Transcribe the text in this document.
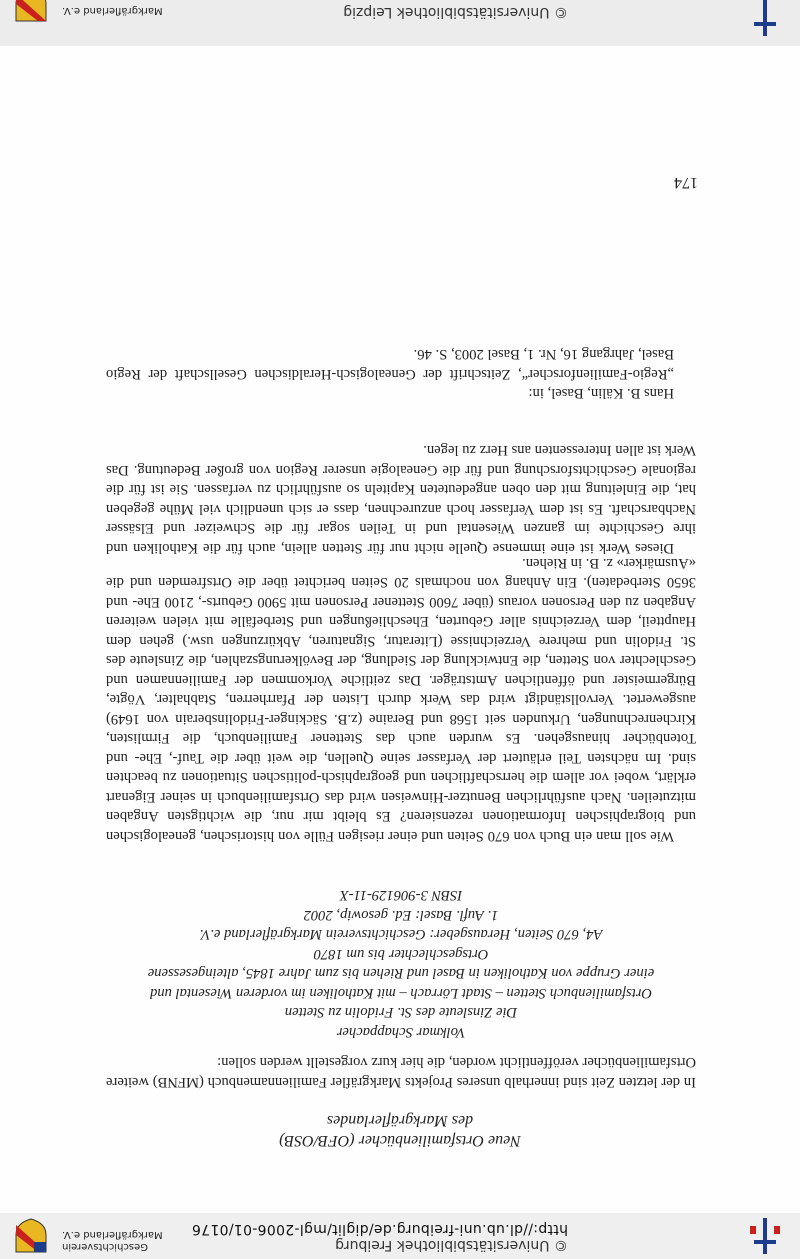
© Universitätsbibliothek Freiburg
http://dl.ub.uni-freiburg.de/diglit/mgl-2006-01/0176
Geschichtsverein
Markgräflerland e.V.
Neue Ortsfamilienbücher (OFB/OSB)
des Markgräflerlandes

In der letzten Zeit sind innerhalb unseres Projekts Markgräfler Familiennamenbuch (MFNB) weitere Ortsfamilienbücher veröffentlicht worden, die hier kurz vorgestellt werden sollen:

Volkmar Schappacher
Die Zinsleute des St. Fridolin zu Stetten
Ortsfamilienbuch Stetten – Stadt Lörrach – mit Katholiken im vorderen Wiesental und
einer Gruppe von Katholiken in Basel und Riehen bis zum Jahre 1845, alteingesessene
Ortsgeschlechter bis um 1870
A4, 670 Seiten, Herausgeber: Geschichtsverein Markgräflerland e.V.
1. Aufl. Basel: Ed. gesowip, 2002
ISBN 3-906129-11-X

Wie soll man ein Buch von 670 Seiten und einer riesigen Fülle von historischen, genealogischen und biographischen Informationen rezensieren? Es bleibt mir nur, die wichtigsten Angaben mitzuteilen. Nach ausführlichen Benutzer-Hinweisen wird das Ortsfamilienbuch in seiner Eigenart erklärt, wobei vor allem die herrschaftlichen und geographisch-politischen Situationen zu beachten sind. Im nächsten Teil erläutert der Verfasser seine Quellen, die weit über die Tauf-, Ehe- und Totenbücher hinausgehen. Es wurden auch das Stettener Familienbuch, die Firmlisten, Kirchenrechnungen, Urkunden seit 1568 und Beraine (z.B. Säckinger-Fridolinsberain von 1649) ausgewertet. Vervollständigt wird das Werk durch Listen der Pfarrherren, Stabhalter, Vögte, Bürgermeister und öffentlichen Amtsträger. Das zeitliche Vorkommen der Familiennamen und Geschlechter von Stetten, die Entwicklung der Siedlung, der Bevölkerungszahlen, die Zinsleute des St. Fridolin und mehrere Verzeichnisse (Literatur, Signaturen, Abkürzungen usw.) gehen dem Hauptteil, dem Verzeichnis aller Geburten, Eheschließungen und Sterbefälle mit vielen weiteren Angaben zu den Personen voraus (über 7600 Stettener Personen mit 5900 Geburts-, 2100 Ehe- und 3650 Sterbedaten). Ein Anhang von nochmals 20 Seiten berichtet über die Ortsfremden und die «Ausmärker» z. B. in Riehen.

Dieses Werk ist eine immense Quelle nicht nur für Stetten allein, auch für die Katholiken und ihre Geschichte im ganzen Wiesental und in Teilen sogar für die Schweizer und Elsässer Nachbarschaft. Es ist dem Verfasser hoch anzurechnen, dass er sich unendlich viel Mühe gegeben hat, die Einleitung mit den oben angedeuteten Kapiteln so ausführlich zu verfassen. Sie ist für die regionale Geschichtsforschung und für die Genealogie unserer Region von großer Bedeutung. Das Werk ist allen Interessenten ans Herz zu legen.

Hans B. Kälin, Basel, in:

„Regio-Familienforscher“, Zeitschrift der Genealogisch-Heraldischen Gesellschaft der Regio Basel, Jahrgang 16, Nr. 1, Basel 2003, S. 46.

174
© Universitätsbibliothek Leipzig
Markgräflerland e.V.
